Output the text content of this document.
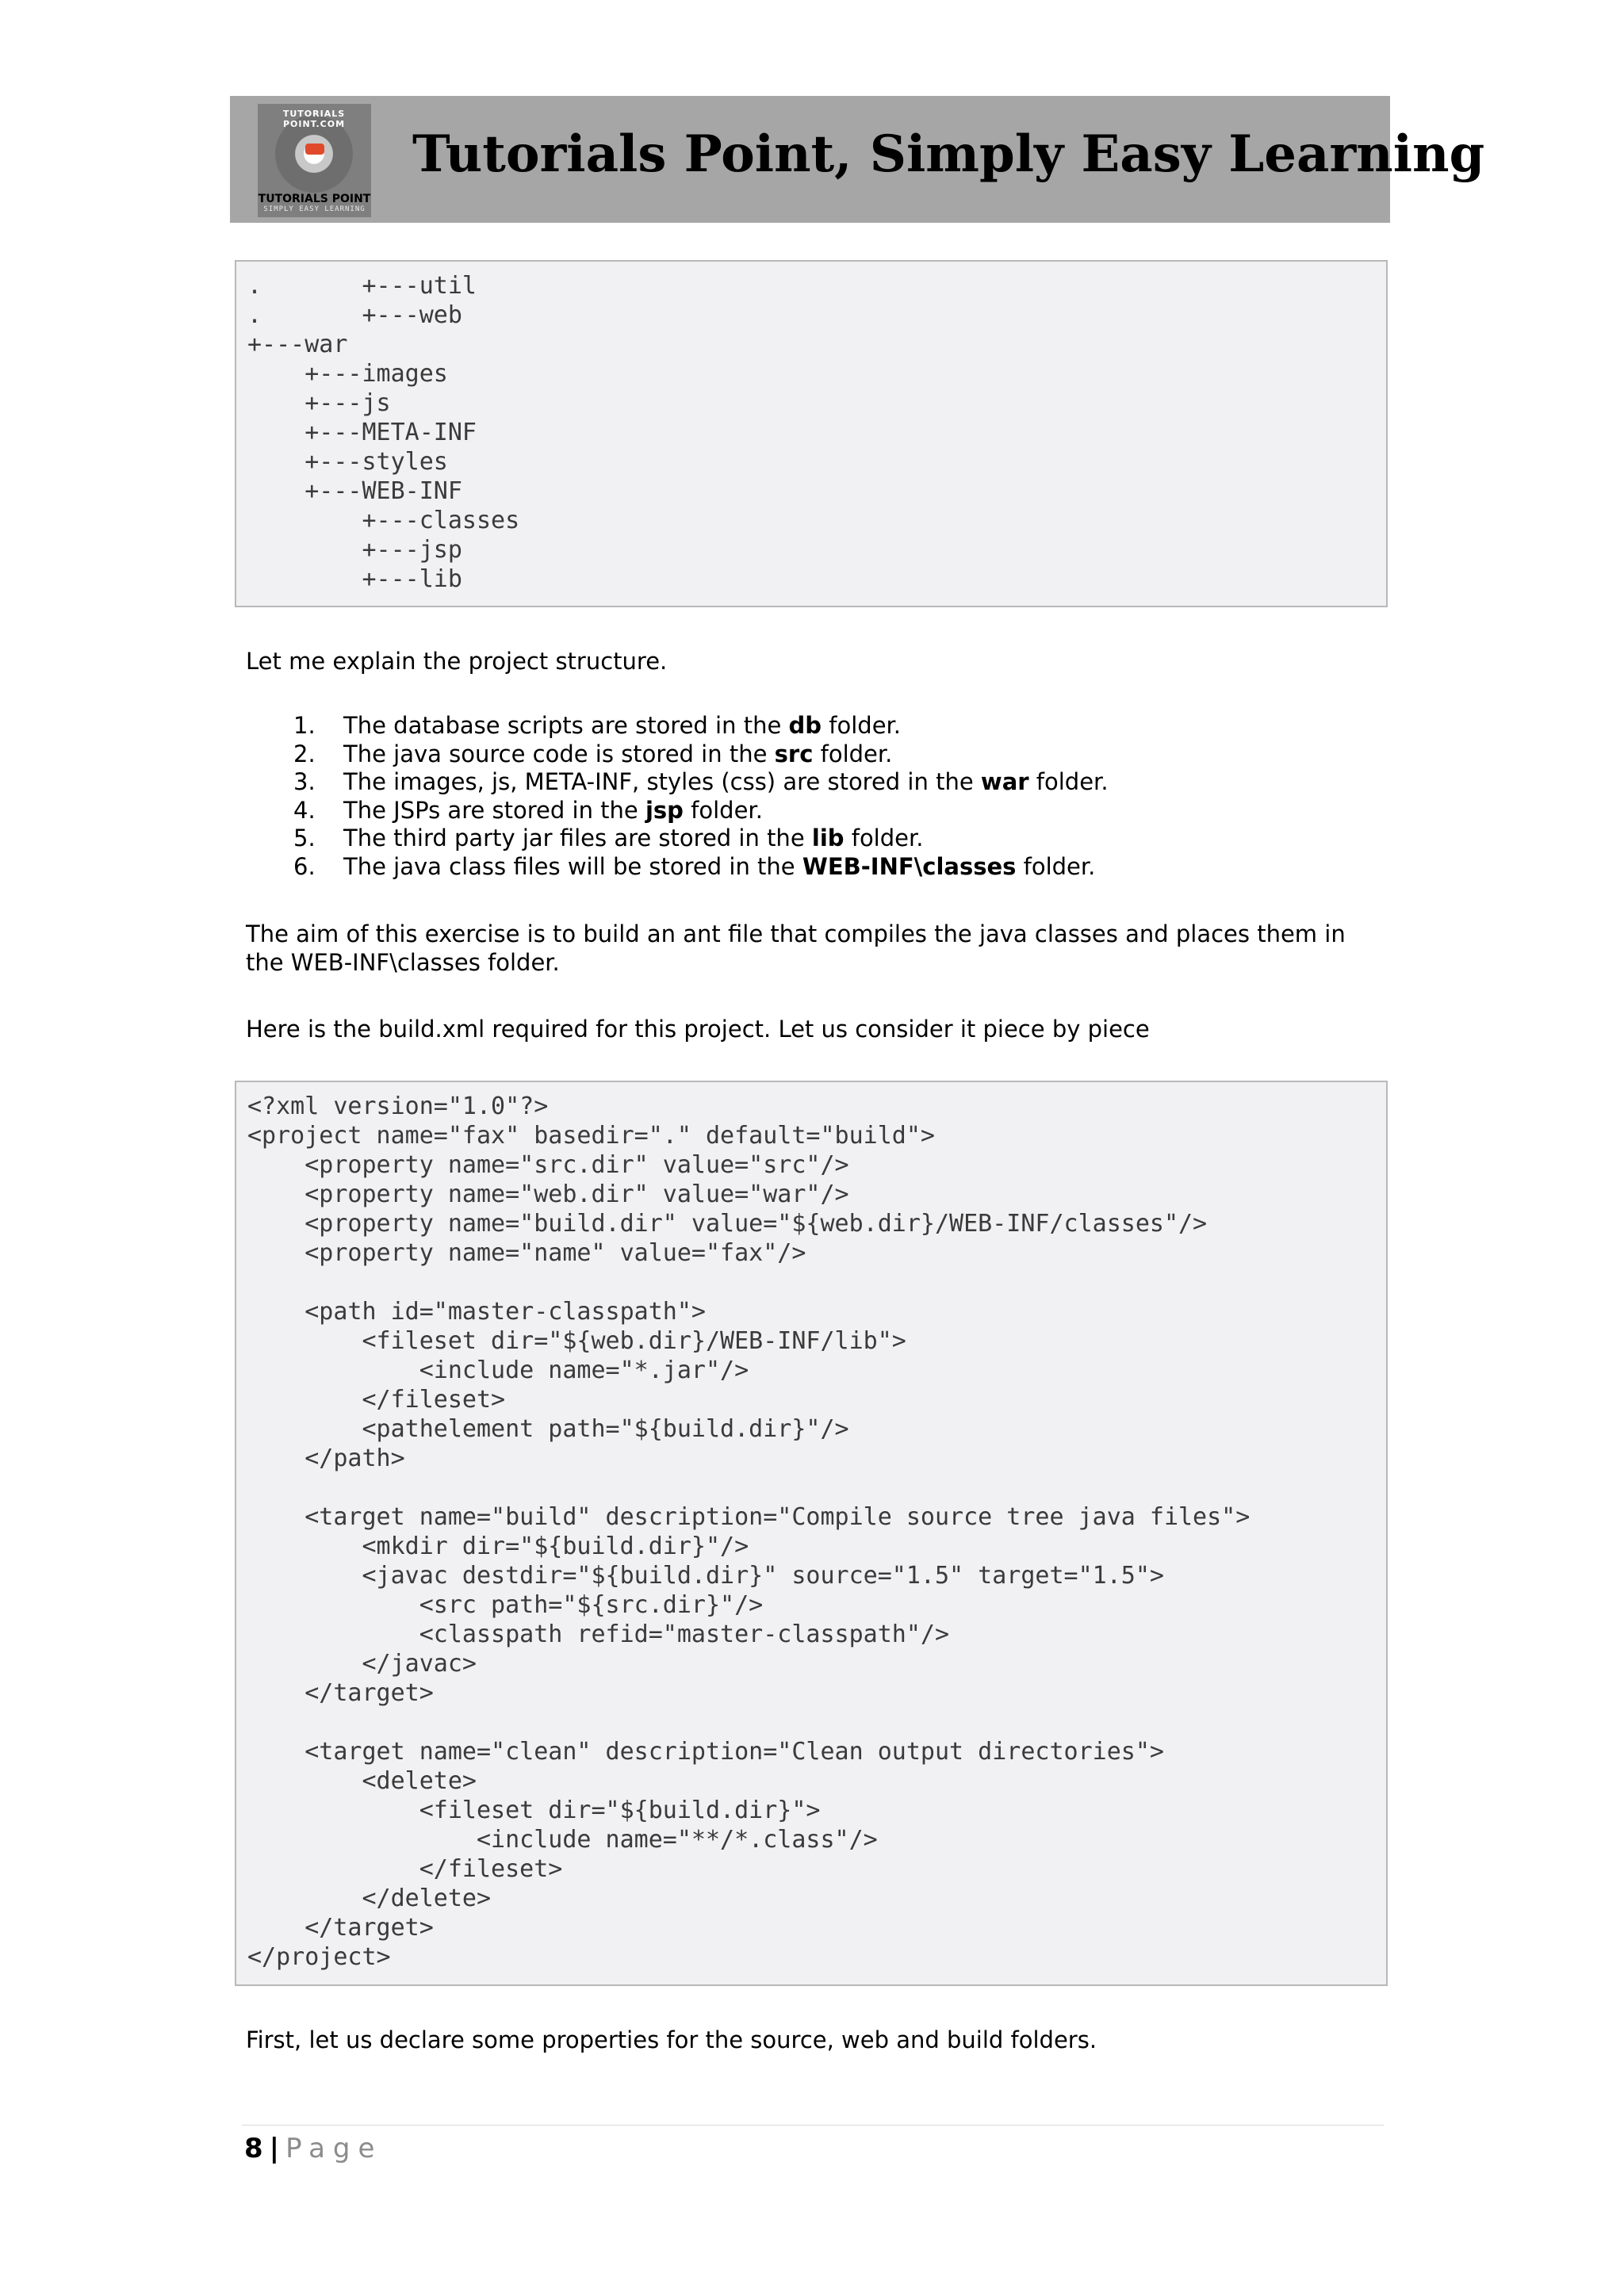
TUTORIALS POINT.COM
TUTORIALS POINT
SIMPLY EASY LEARNING
Tutorials Point, Simply Easy Learning
.       +---util
.       +---web
+---war
+---images
+---js
+---META-INF
+---styles
+---WEB-INF
+---classes
+---jsp
+---lib
Let me explain the project structure.
1. The database scripts are stored in the db folder.
2. The java source code is stored in the src folder.
3. The images, js, META-INF, styles (css) are stored in the war folder.
4. The JSPs are stored in the jsp folder.
5. The third party jar files are stored in the lib folder.
6. The java class files will be stored in the WEB-INF\classes folder.
The aim of this exercise is to build an ant file that compiles the java classes and places them in the WEB-INF\classes folder.
Here is the build.xml required for this project. Let us consider it piece by piece
<?xml version="1.0"?>
<project name="fax" basedir="." default="build">
<property name="src.dir" value="src"/>
<property name="web.dir" value="war"/>
<property name="build.dir" value="${web.dir}/WEB-INF/classes"/>
<property name="name" value="fax"/>

<path id="master-classpath">
<fileset dir="${web.dir}/WEB-INF/lib">
<include name="*.jar"/>
</fileset>
<pathelement path="${build.dir}"/>
</path>

<target name="build" description="Compile source tree java files">
<mkdir dir="${build.dir}"/>
<javac destdir="${build.dir}" source="1.5" target="1.5">
<src path="${src.dir}"/>
<classpath refid="master-classpath"/>
</javac>
</target>

<target name="clean" description="Clean output directories">
<delete>
<fileset dir="${build.dir}">
<include name="**/*.class"/>
</fileset>
</delete>
</target>
</project>
First, let us declare some properties for the source, web and build folders.
8 | Page
